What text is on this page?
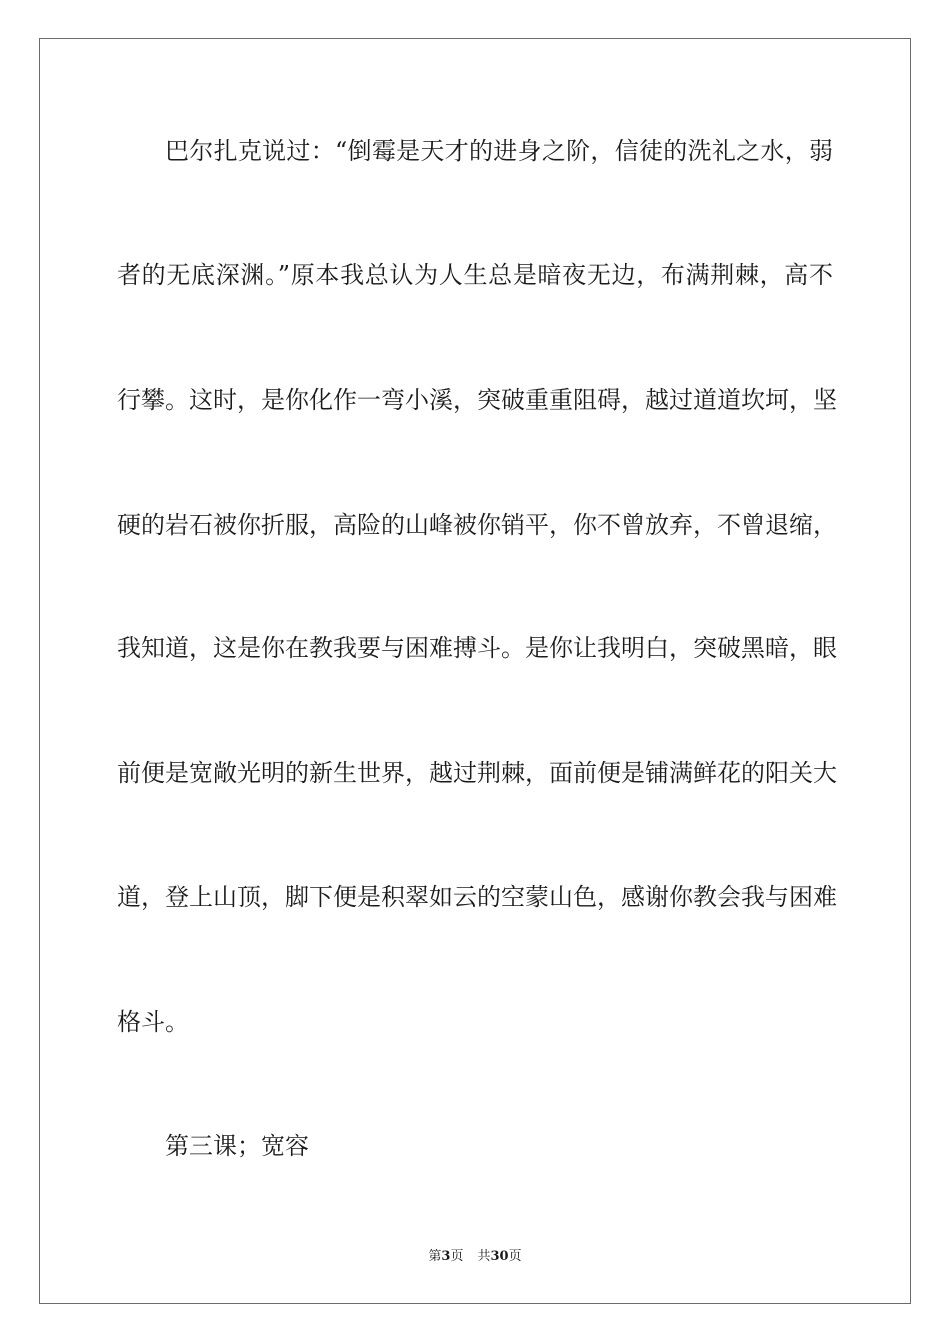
巴尔扎克说过：“倒霉是天才的进身之阶，信徒的洗礼之水，弱
者的无底深渊。”原本我总认为人生总是暗夜无边，布满荆棘，高不
行攀。这时，是你化作一弯小溪，突破重重阻碍，越过道道坎坷，坚
硬的岩石被你折服，高险的山峰被你销平，你不曾放弃，不曾退缩，
我知道，这是你在教我要与困难搏斗。是你让我明白，突破黑暗，眼
前便是宽敞光明的新生世界，越过荆棘，面前便是铺满鲜花的阳关大
道，登上山顶，脚下便是积翠如云的空蒙山色，感谢你教会我与困难
格斗。
第三课；宽容
第3页 共30页
